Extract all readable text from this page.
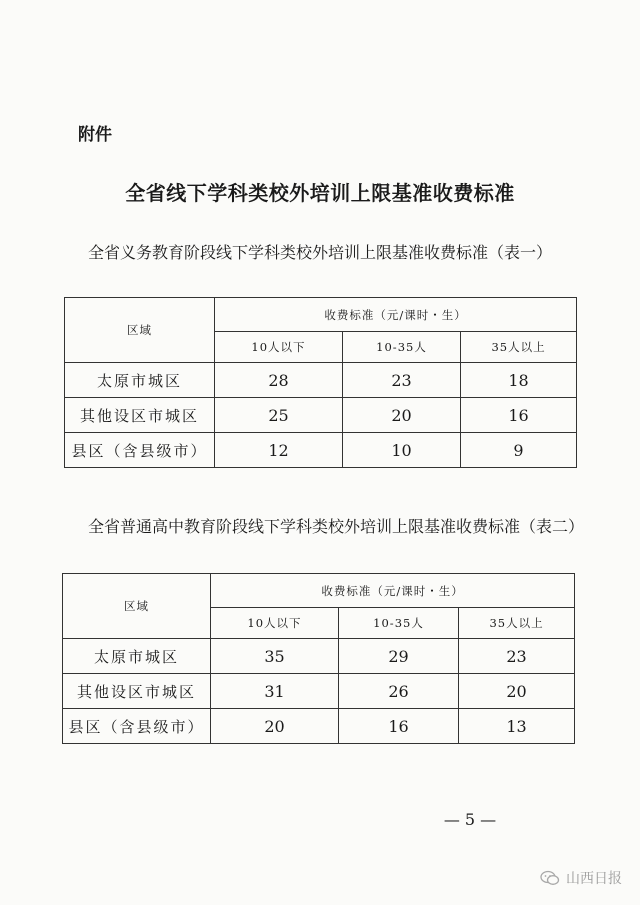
附件
全省线下学科类校外培训上限基准收费标准
全省义务教育阶段线下学科类校外培训上限基准收费标准（表一）
区域	收费标准（元/课时・生）		
	10人以下	10-35人	35人以上
太原市城区	28	23	18
其他设区市城区	25	20	16
县区（含县级市）	12	10	9
全省普通高中教育阶段线下学科类校外培训上限基准收费标准（表二）
区域	收费标准（元/课时・生）		
	10人以下	10-35人	35人以上
太原市城区	35	29	23
其他设区市城区	31	26	20
县区（含县级市）	20	16	13
— 5 —
山西日报
